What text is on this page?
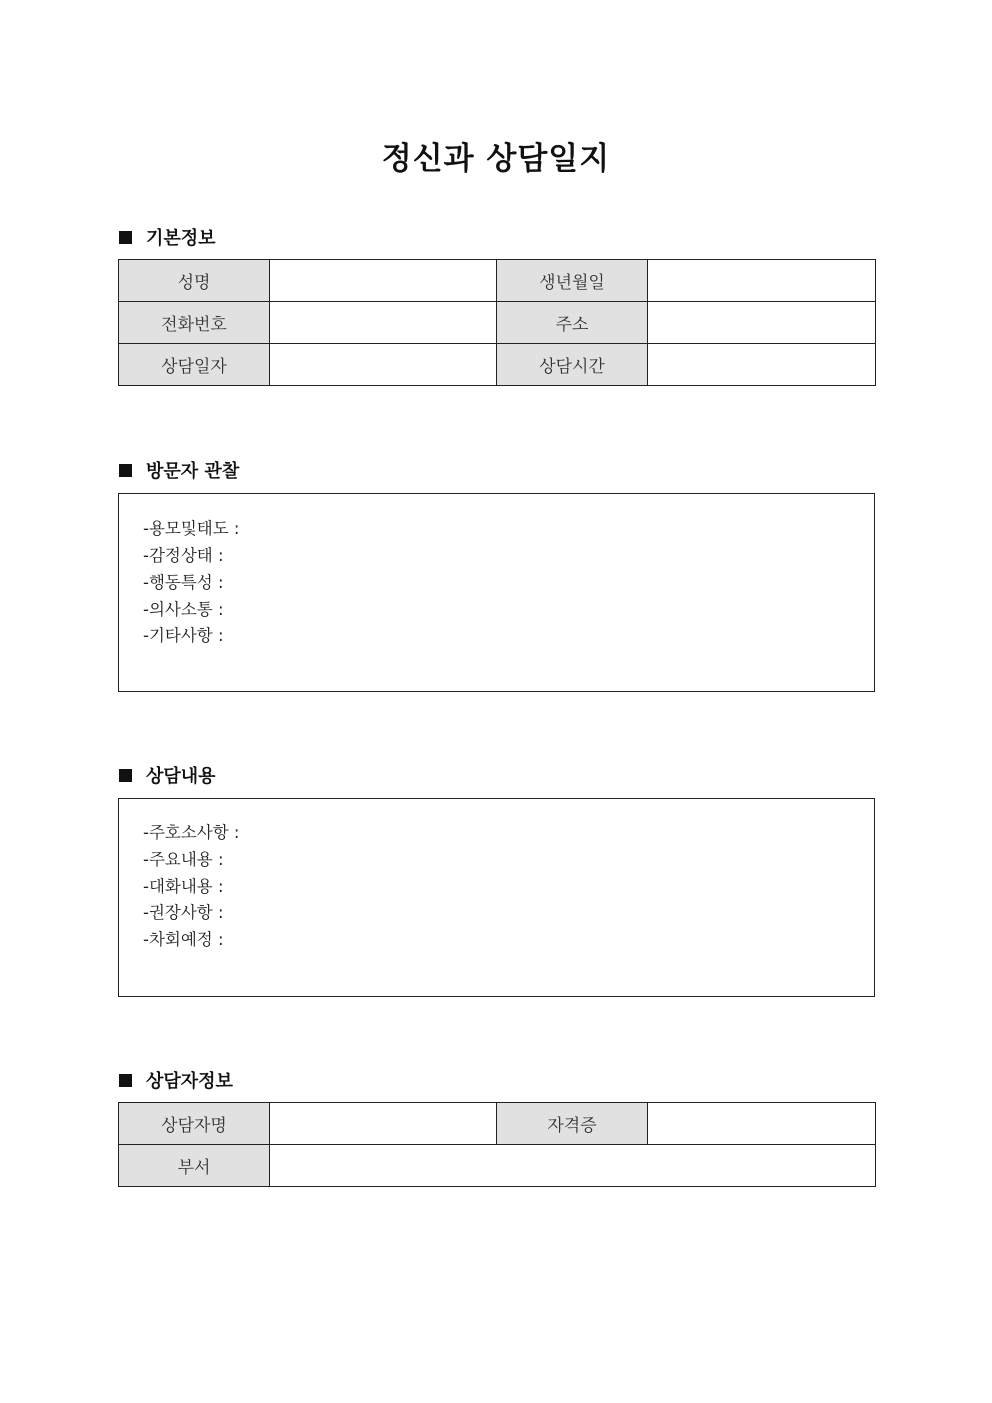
정신과 상담일지
기본정보
성명		생년월일	
전화번호		주소	
상담일자		상담시간	
방문자 관찰
-용모및태도 :
-감정상태 :
-행동특성 :
-의사소통 :
-기타사항 :
상담내용
-주호소사항 :
-주요내용 :
-대화내용 :
-권장사항 :
-차회예정 :
상담자정보
상담자명		자격증	
부서			
